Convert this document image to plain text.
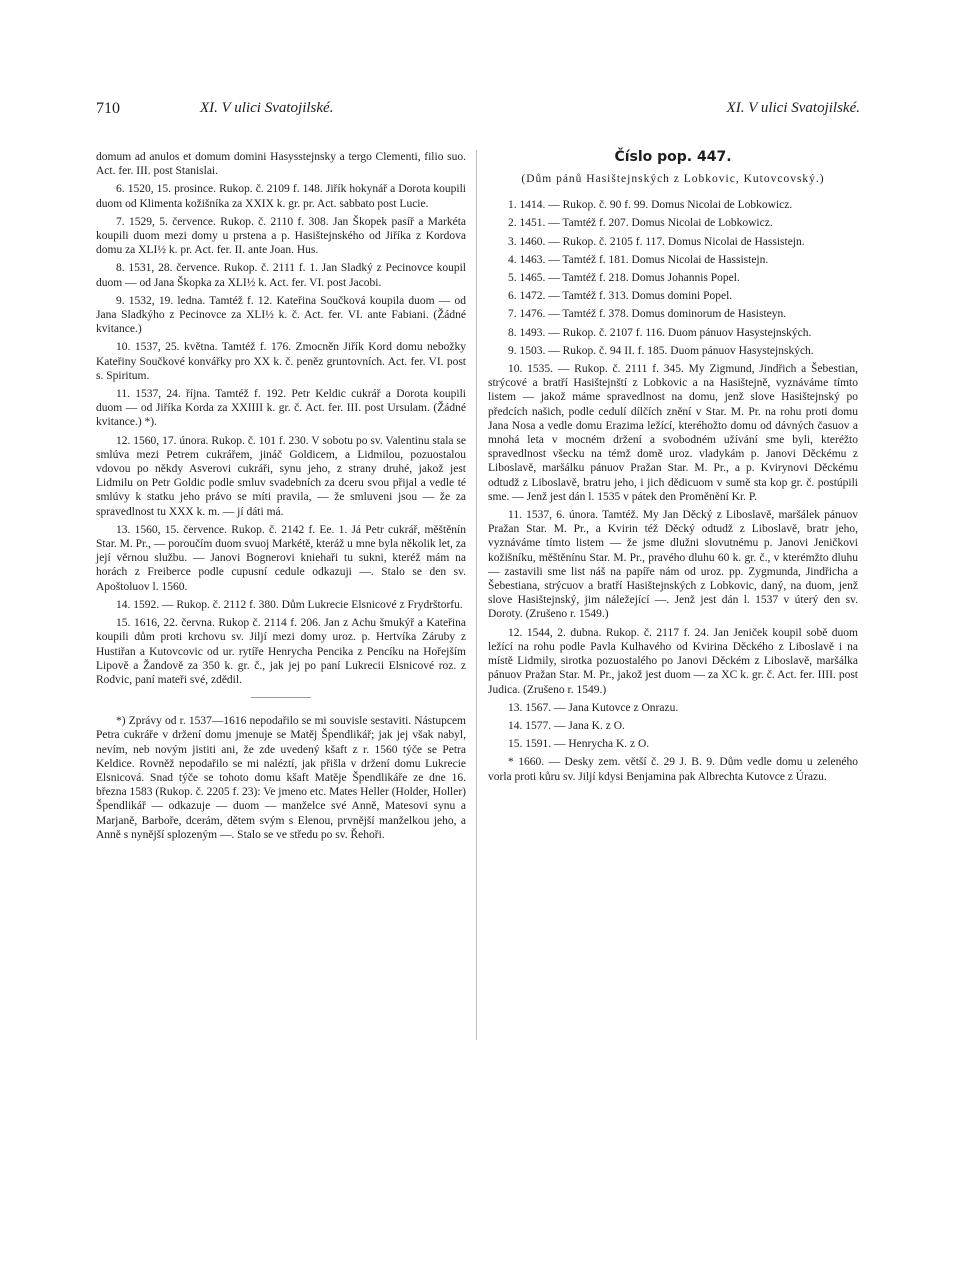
710	XI. V ulici Svatojilské.	XI. V ulici Svatojilské.

domum ad anulos et domum domini Hasysstejnsky a tergo Clementi, filio suo. Act. fer. III. post Stanislai.

6. 1520, 15. prosince. Rukop. č. 2109 f. 148. Jiřík hokynář a Dorota koupili duom od Klimenta kožišníka za XXIX k. gr. pr. Act. sabbato post Lucie.

7. 1529, 5. července. Rukop. č. 2110 f. 308. Jan Škopek pasíř a Markéta koupili duom mezi domy u prstena a p. Hasištejnského od Jiříka z Kordova domu za XLI½ k. pr. Act. fer. II. ante Joan. Hus.

8. 1531, 28. července. Rukop. č. 2111 f. 1. Jan Sladký z Pecinovce koupil duom — od Jana Škopka za XLI½ k. Act. fer. VI. post Jacobi.

9. 1532, 19. ledna. Tamtéž f. 12. Kateřina Součková koupila duom — od Jana Sladkýho z Pecinovce za XLI½ k. č. Act. fer. VI. ante Fabiani. (Žádné kvitance.)

10. 1537, 25. května. Tamtéž f. 176. Zmocněn Jiřík Kord domu nebožky Kateřiny Součkové konvářky pro XX k. č. peněz gruntovních. Act. fer. VI. post s. Spiritum.

11. 1537, 24. října. Tamtéž f. 192. Petr Keldic cukrář a Dorota koupili duom — od Jiříka Korda za XXIIII k. gr. č. Act. fer. III. post Ursulam. (Žádné kvitance.) *).

12. 1560, 17. února. Rukop. č. 101 f. 230. V sobotu po sv. Valentinu stala se smlúva mezi Petrem cukrářem, jináč Goldicem, a Lidmilou, pozuostalou vdovou po někdy Asverovi cukráři, synu jeho, z strany druhé, jakož jest Lidmilu on Petr Goldic podle smluv svadebních za dceru svou přijal a vedle té smlúvy k statku jeho právo se míti pravila, — že smluveni jsou — že za spravedlnost tu XXX k. m. — jí dáti má.

13. 1560, 15. července. Rukop. č. 2142 f. Ee. 1. Já Petr cukrář, měštěnín Star. M. Pr., — poroučím duom svuoj Markétě, kteráž u mne byla několik let, za její věrnou službu. — Janovi Bognerovi kniehaři tu sukni, kteréž mám na horách z Freiberce podle cupusní cedule odkazuji —. Stalo se den sv. Apoštoluov l. 1560.

14. 1592. — Rukop. č. 2112 f. 380. Dům Lukrecie Elsnicové z Frydrštorfu.

15. 1616, 22. června. Rukop č. 2114 f. 206. Jan z Achu šmukýř a Kateřina koupili dům proti krchovu sv. Jiljí mezi domy uroz. p. Hertvíka Záruby z Hustiřan a Kutovcovic od ur. rytíře Henrycha Pencika z Pencíku na Hořejším Lipově a Žandově za 350 k. gr. č., jak jej po paní Lukrecii Elsnicové roz. z Rodvic, paní mateři své, zdědil.

*) Zprávy od r. 1537—1616 nepodařilo se mi souvisle sestaviti. Nástupcem Petra cukráře v držení domu jmenuje se Matěj Špendlikář; jak jej však nabyl, nevím, neb novým jistiti ani, že zde uvedený kšaft z r. 1560 týče se Petra Keldice. Rovněž nepodařilo se mi naléztí, jak přišla v držení domu Lukrecie Elsnicová. Snad týče se tohoto domu kšaft Matěje Špendlikáře ze dne 16. března 1583 (Rukop. č. 2205 f. 23): Ve jmeno etc. Mates Heller (Holder, Holler) Špendlikář — odkazuje — duom — manželce své Anně, Matesovi synu a Marjaně, Barboře, dcerám, dětem svým s Elenou, prvnější manželkou jeho, a Anně s nynější splozeným —. Stalo se ve středu po sv. Řehoři.

Číslo pop. 447.

(Dům pánů Hasištejnských z Lobkovic, Kutovcovský.)

1. 1414. — Rukop. č. 90 f. 99. Domus Nicolai de Lobkowicz.

2. 1451. — Tamtéž f. 207. Domus Nicolai de Lobkowicz.

3. 1460. — Rukop. č. 2105 f. 117. Domus Nicolai de Hassistejn.

4. 1463. — Tamtéž f. 181. Domus Nicolai de Hassistejn.

5. 1465. — Tamtéž f. 218. Domus Johannis Popel.

6. 1472. — Tamtéž f. 313. Domus domini Popel.

7. 1476. — Tamtéž f. 378. Domus dominorum de Hasisteyn.

8. 1493. — Rukop. č. 2107 f. 116. Duom pánuov Hasystejnských.

9. 1503. — Rukop. č. 94 II. f. 185. Duom pánuov Hasystejnských.

10. 1535. — Rukop. č. 2111 f. 345. My Zigmund, Jindřich a Šebestian, strýcové a bratří Hasištejnští z Lobkovic a na Hasištejně, vyznáváme tímto listem — jakož máme spravedlnost na domu, jenž slove Hasištejnský po předcích našich, podle cedulí dílčích znění v Star. M. Pr. na rohu proti domu Jana Nosa a vedle domu Erazima ležící, kteréhožto domu od dávných časuov a mnohá leta v mocném držení a svobodném užívání sme byli, kteréžto spravedlnost všecku na témž domě uroz. vladykám p. Janovi Děckému z Liboslavě, maršálku pánuov Pražan Star. M. Pr., a p. Kvirynovi Děckému odtudž z Liboslavě, bratru jeho, i jich dědicuom v sumě sta kop gr. č. postúpili sme. — Jenž jest dán l. 1535 v pátek den Proměnění Kr. P.

11. 1537, 6. února. Tamtéž. My Jan Děcký z Liboslavě, maršálek pánuov Pražan Star. M. Pr., a Kvirin též Děcký odtudž z Liboslavě, bratr jeho, vyznáváme tímto listem — že jsme dlužni slovutnému p. Janovi Jeničkovi kožišníku, měštěnínu Star. M. Pr., pravého dluhu 60 k. gr. č., v kterémžto dluhu — zastavili sme list náš na papíře nám od uroz. pp. Zygmunda, Jindřicha a Šebestiana, strýcuov a bratří Hasištejnských z Lobkovic, daný, na duom, jenž slove Hasištejnský, jim náležející —. Jenž jest dán l. 1537 v úterý den sv. Doroty. (Zrušeno r. 1549.)

12. 1544, 2. dubna. Rukop. č. 2117 f. 24. Jan Jeniček koupil sobě duom ležící na rohu podle Pavla Kulhavého od Kvirina Děckého z Liboslavě i na místě Lidmily, sirotka pozuostalého po Janovi Děckém z Liboslavě, maršálka pánuov Pražan Star. M. Pr., jakož jest duom — za XC k. gr. č. Act. fer. IIII. post Judica. (Zrušeno r. 1549.)

13. 1567. — Jana Kutovce z Onrazu.

14. 1577. — Jana K. z O.

15. 1591. — Henrycha K. z O.

* 1660. — Desky zem. větší č. 29 J. B. 9. Dům vedle domu u zeleného vorla proti kůru sv. Jiljí kdysi Benjamina pak Albrechta Kutovce z Úrazu.
